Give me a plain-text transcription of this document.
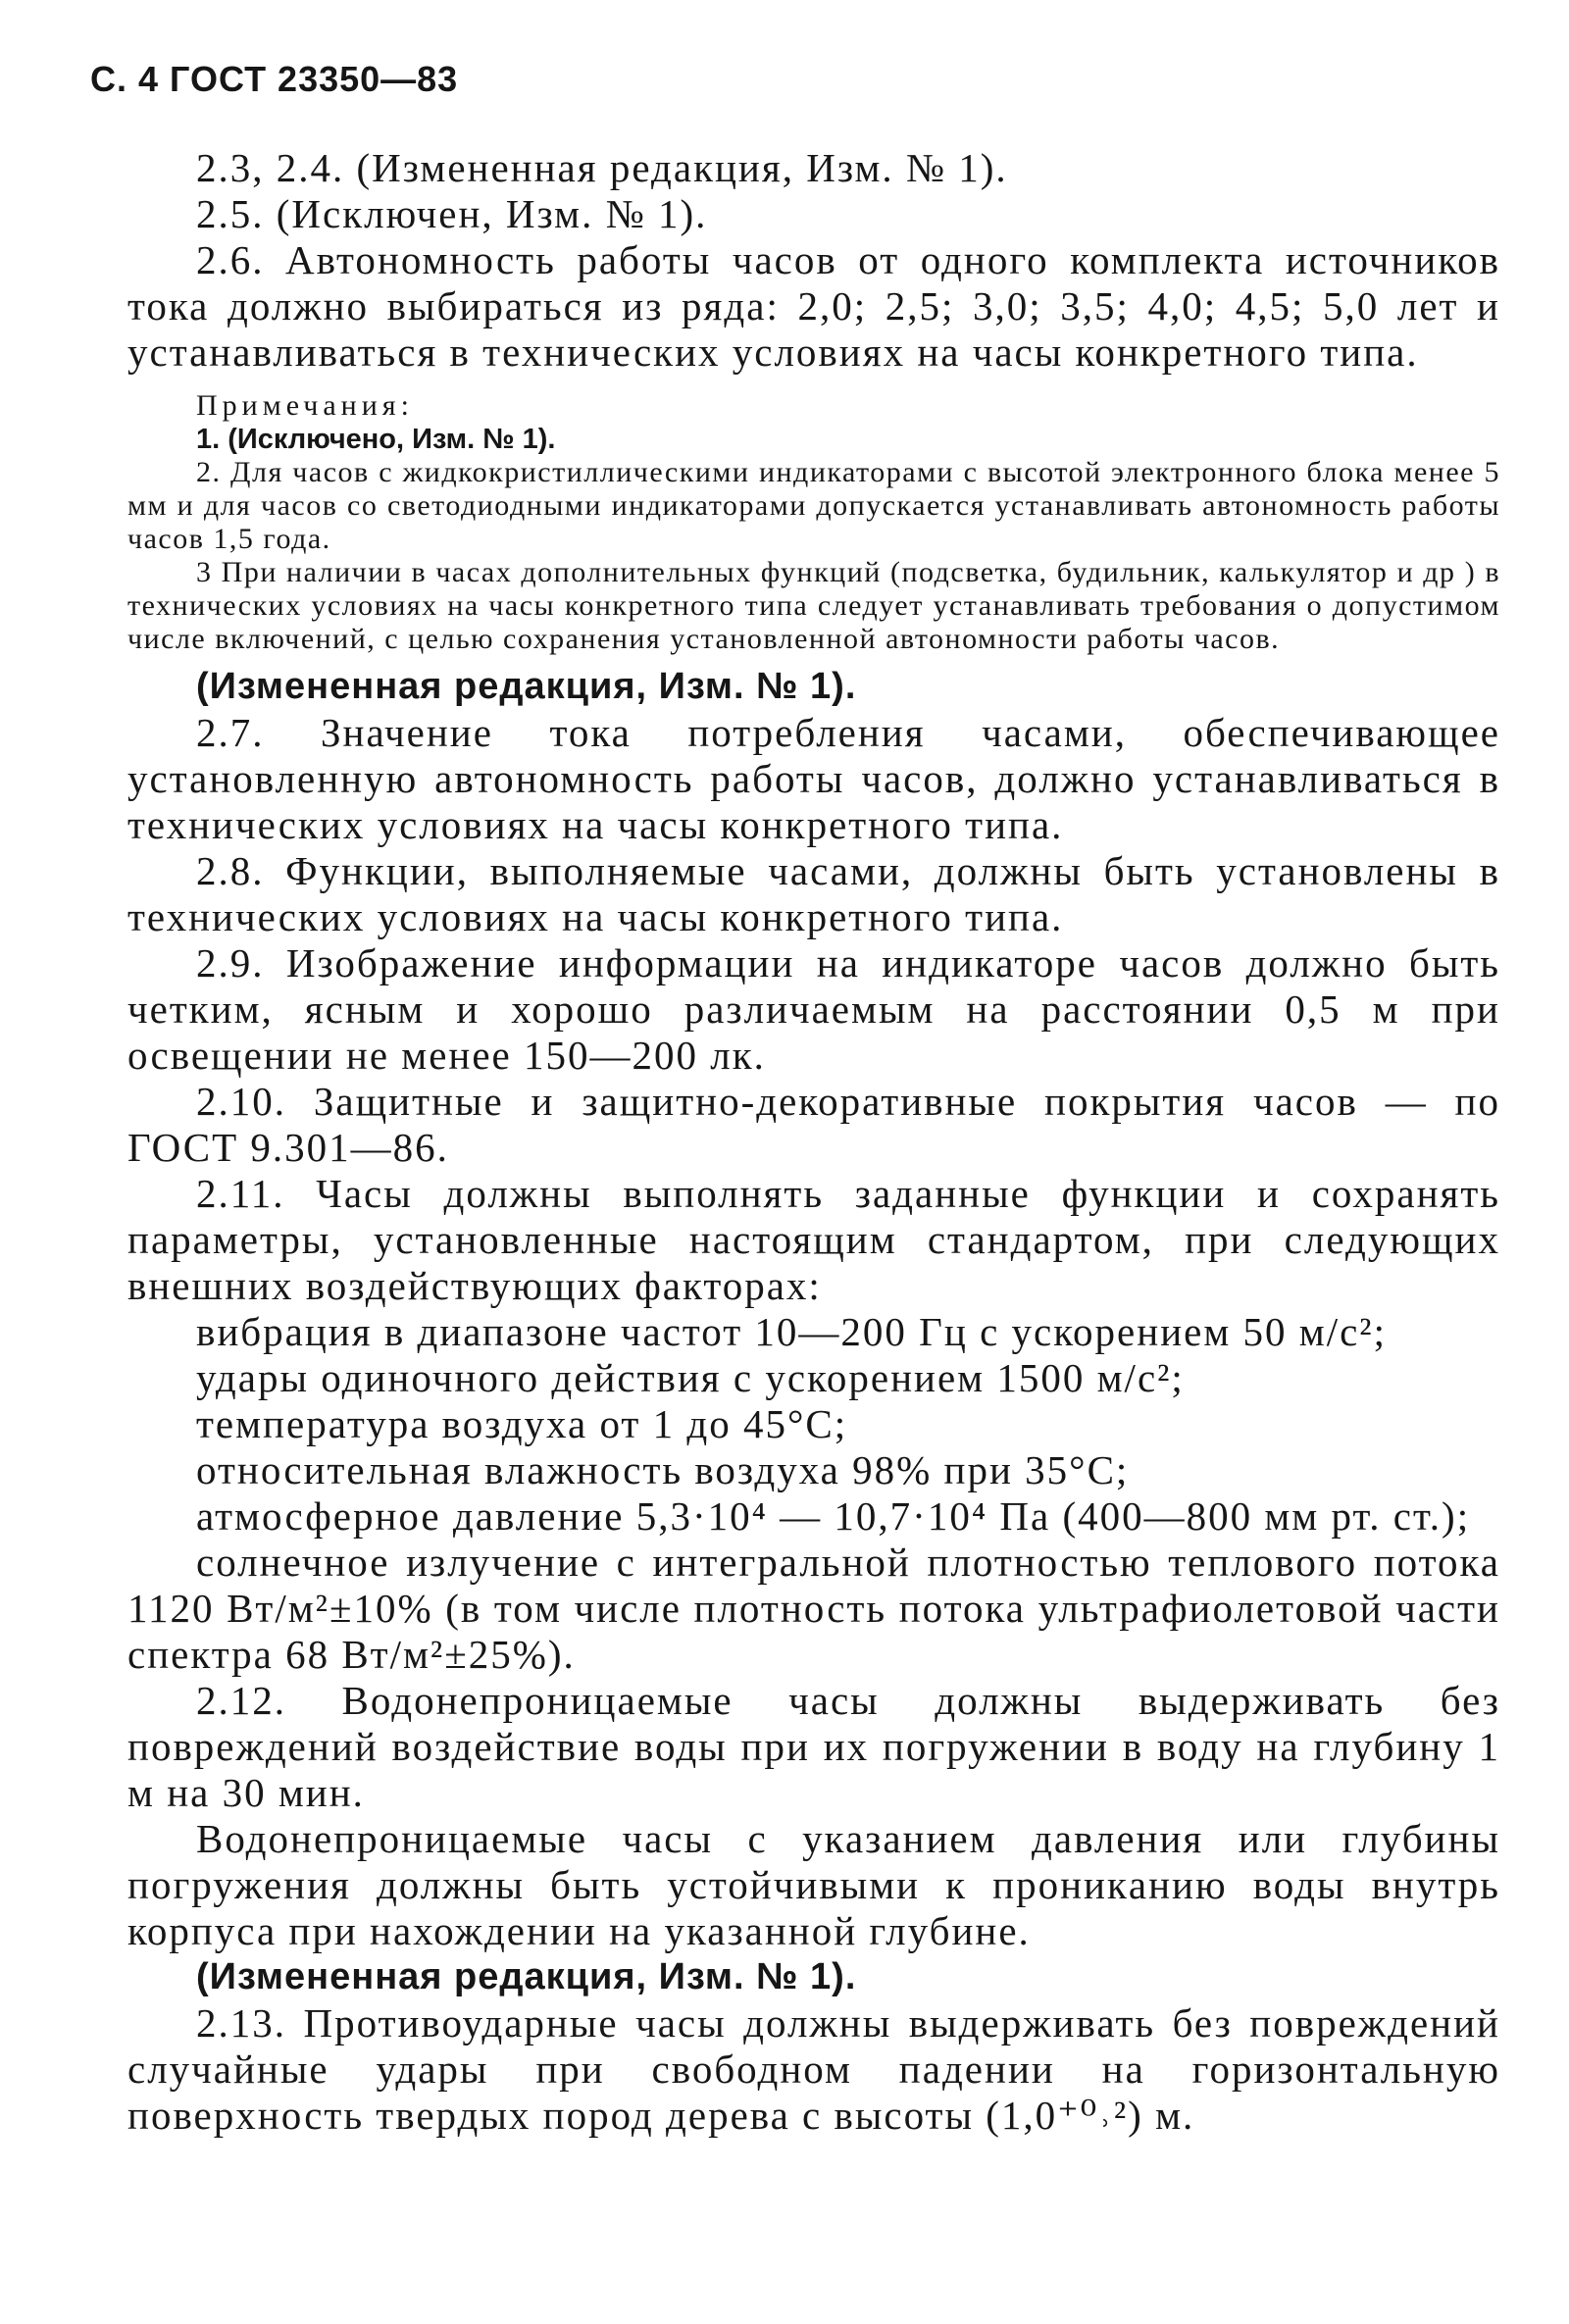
С. 4 ГОСТ 23350—83

2.3, 2.4. (Измененная редакция, Изм. № 1).

2.5. (Исключен, Изм. № 1).

2.6. Автономность работы часов от одного комплекта источников тока должно выбираться из ряда: 2,0; 2,5; 3,0; 3,5; 4,0; 4,5; 5,0 лет и устанавливаться в технических условиях на часы конкретного типа.

Примечания:

1. (Исключено, Изм. № 1).

2. Для часов с жидкокристиллическими индикаторами с высотой электронного блока менее 5 мм и для часов со светодиодными индикаторами допускается устанавливать автономность работы часов 1,5 года.

3 При наличии в часах дополнительных функций (подсветка, будильник, калькулятор и др ) в технических условиях на часы конкретного типа следует устанавливать требования о допустимом числе включений, с целью сохранения установленной автономности работы часов.

(Измененная редакция, Изм. № 1).

2.7. Значение тока потребления часами, обеспечивающее установленную автономность работы часов, должно устанавливаться в технических условиях на часы конкретного типа.

2.8. Функции, выполняемые часами, должны быть установлены в технических условиях на часы конкретного типа.

2.9. Изображение информации на индикаторе часов должно быть четким, ясным и хорошо различаемым на расстоянии 0,5 м при освещении не менее 150—200 лк.

2.10. Защитные и защитно-декоративные покрытия часов — по ГОСТ 9.301—86.

2.11. Часы должны выполнять заданные функции и сохранять параметры, установленные настоящим стандартом, при следующих внешних воздействующих факторах:

вибрация в диапазоне частот 10—200 Гц с ускорением 50 м/с²;

удары одиночного действия с ускорением 1500 м/с²;

температура воздуха от 1 до 45°С;

относительная влажность воздуха 98% при 35°С;

атмосферное давление 5,3·10⁴ — 10,7·10⁴ Па (400—800 мм рт. ст.);

солнечное излучение с интегральной плотностью теплового потока 1120 Вт/м²±10% (в том числе плотность потока ультрафиолетовой части спектра 68 Вт/м²±25%).

2.12. Водонепроницаемые часы должны выдерживать без повреждений воздействие воды при их погружении в воду на глубину 1 м на 30 мин.

Водонепроницаемые часы с указанием давления или глубины погружения должны быть устойчивыми к проникaнию воды внутрь корпуса при нахождении на указанной глубине.

(Измененная редакция, Изм. № 1).

2.13. Противоударные часы должны выдерживать без повреждений случайные удары при свободном падении на горизонтальную поверхность твердых пород дерева с высоты (1,0⁺⁰˒²) м.
